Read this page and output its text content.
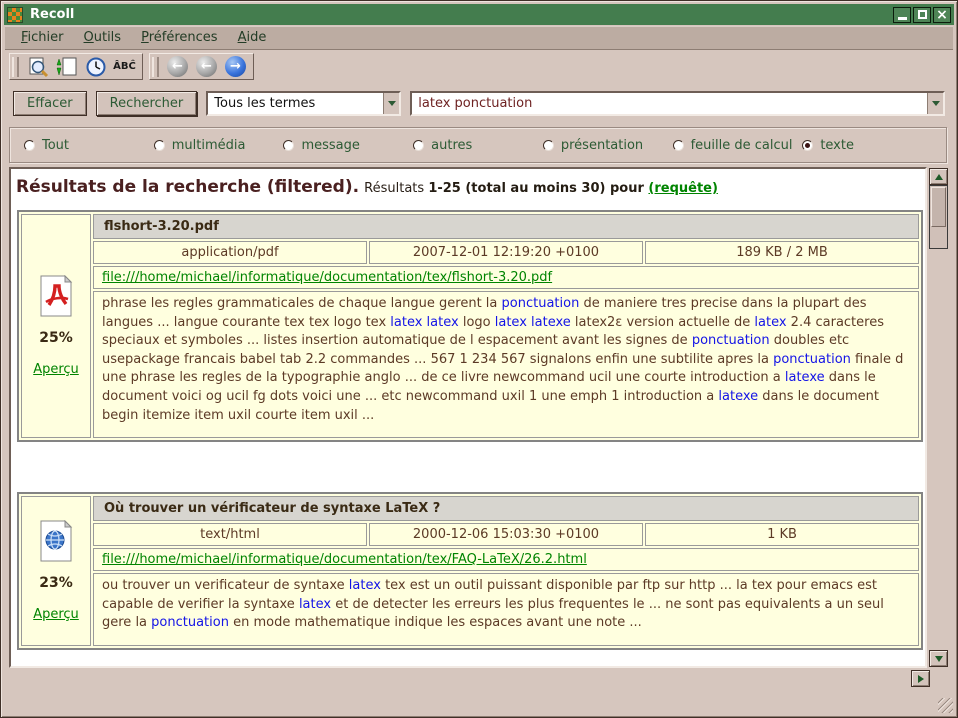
Recoll	×
Fichier	Outils	Préférences	Aide
ÂBĈ	←	←	→
Effacer	Rechercher	Tous les termes	latex ponctuation
Tout	multimédia	message	autres	présentation	feuille de calcul texte
Résultats de la recherche (filtered). Résultats 1-25 (total au moins 30) pour (requête)
25%
Aperçu	flshort-3.20.pdf		
	application/pdf	2007-12-01 12:19:20 +0100	189 KB / 2 MB
	file:///home/michael/informatique/documentation/tex/flshort-3.20.pdf		
	phrase les regles grammaticales de chaque langue gerent la ponctuation de maniere tres precise dans la plupart des langues ... langue courante tex tex logo tex latex latex logo latex latexe latex2ε version actuelle de latex 2.4 caracteres speciaux et symboles ... listes insertion automatique de l espacement avant les signes de ponctuation doubles etc usepackage francais babel tab 2.2 commandes ... 567 1 234 567 signalons enfin une subtilite apres la ponctuation finale d une phrase les regles de la typographie anglo ... de ce livre newcommand ucil une courte introduction a latexe dans le document voici og ucil fg dots voici une ... etc newcommand uxil 1 une emph 1 introduction a latexe dans le document begin itemize item uxil courte item uxil ...		
23%
Aperçu	Où trouver un vérificateur de syntaxe LaTeX ?		
	text/html	2000-12-06 15:03:30 +0100	1 KB
	file:///home/michael/informatique/documentation/tex/FAQ-LaTeX/26.2.html		
	ou trouver un verificateur de syntaxe latex tex est un outil puissant disponible par ftp sur http ... la tex pour emacs est capable de verifier la syntaxe latex et de detecter les erreurs les plus frequentes le ... ne sont pas equivalents a un seul gere la ponctuation en mode mathematique indique les espaces avant une note ...		
